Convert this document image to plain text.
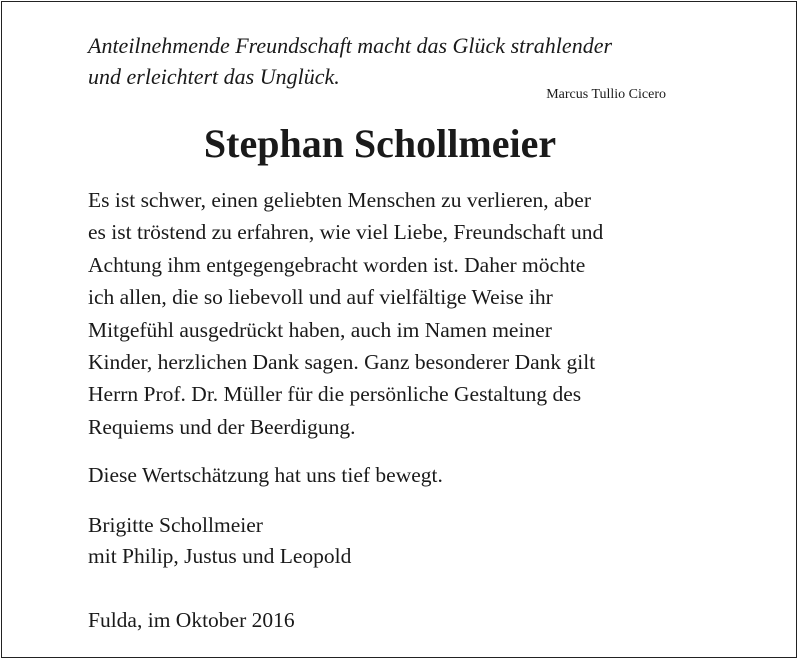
Anteilnehmende Freundschaft macht das Glück strahlender
und erleichtert das Unglück.

Marcus Tullio Cicero
Stephan Schollmeier

Es ist schwer, einen geliebten Menschen zu verlieren, aber
es ist tröstend zu erfahren, wie viel Liebe, Freundschaft und
Achtung ihm entgegengebracht worden ist. Daher möchte
ich allen, die so liebevoll und auf vielfältige Weise ihr
Mitgefühl ausgedrückt haben, auch im Namen meiner
Kinder, herzlichen Dank sagen. Ganz besonderer Dank gilt
Herrn Prof. Dr. Müller für die persönliche Gestaltung des
Requiems und der Beerdigung.

Diese Wertschätzung hat uns tief bewegt.
Brigitte Schollmeier
mit Philip, Justus und Leopold
Fulda, im Oktober 2016
